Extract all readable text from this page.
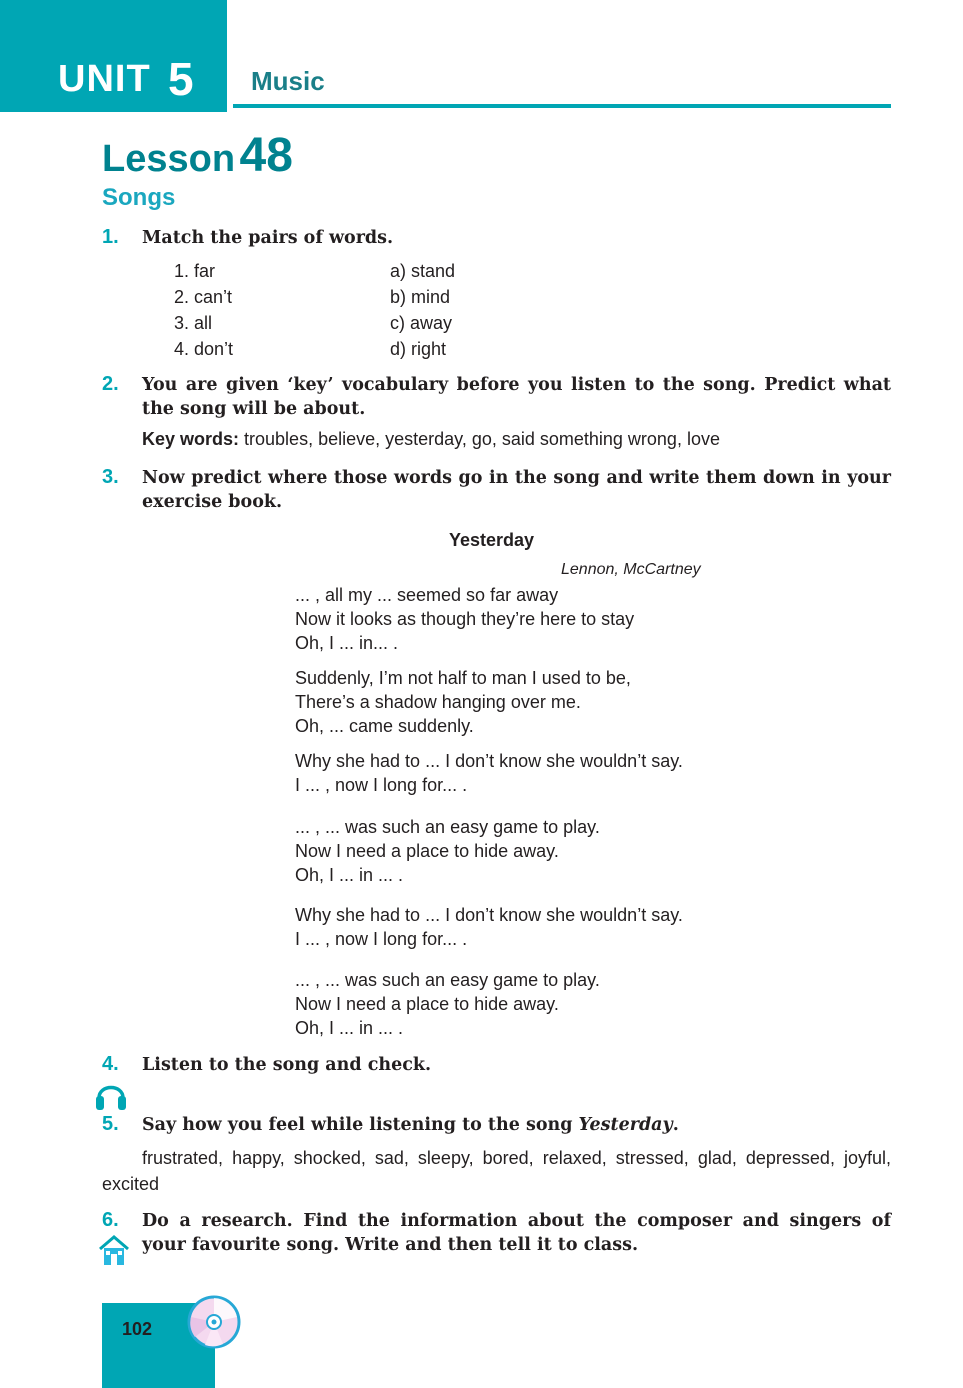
UNIT 5 Music
Lesson 48
Songs
1. Match the pairs of words.
1. far	a) stand
2. can’t	b) mind
3. all	c) away
4. don’t	d) right
2. You are given ‘key’ vocabulary before you listen to the song. Predict what the song will be about.
Key words: troubles, believe, yesterday, go, said something wrong, love
3. Now predict where those words go in the song and write them down in your exercise book.
Yesterday
Lennon, McCartney
... , all my ... seemed so far away
Now it looks as though they’re here to stay
Oh, I ... in... .
Suddenly, I’m not half to man I used to be,
There’s a shadow hanging over me.
Oh, ... came suddenly.
Why she had to ... I don’t know she wouldn’t say.
I ... , now I long for... .
... , ... was such an easy game to play.
Now I need a place to hide away.
Oh, I ... in ... .
Why she had to ... I don’t know she wouldn’t say.
I ... , now I long for... .
... , ... was such an easy game to play.
Now I need a place to hide away.
Oh, I ... in ... .
4. Listen to the song and check.
5. Say how you feel while listening to the song Yesterday.
frustrated, happy, shocked, sad, sleepy, bored, relaxed, stressed, glad, depressed, joyful, excited
6. Do a research. Find the information about the composer and singers of your favourite song. Write and then tell it to class.
102
